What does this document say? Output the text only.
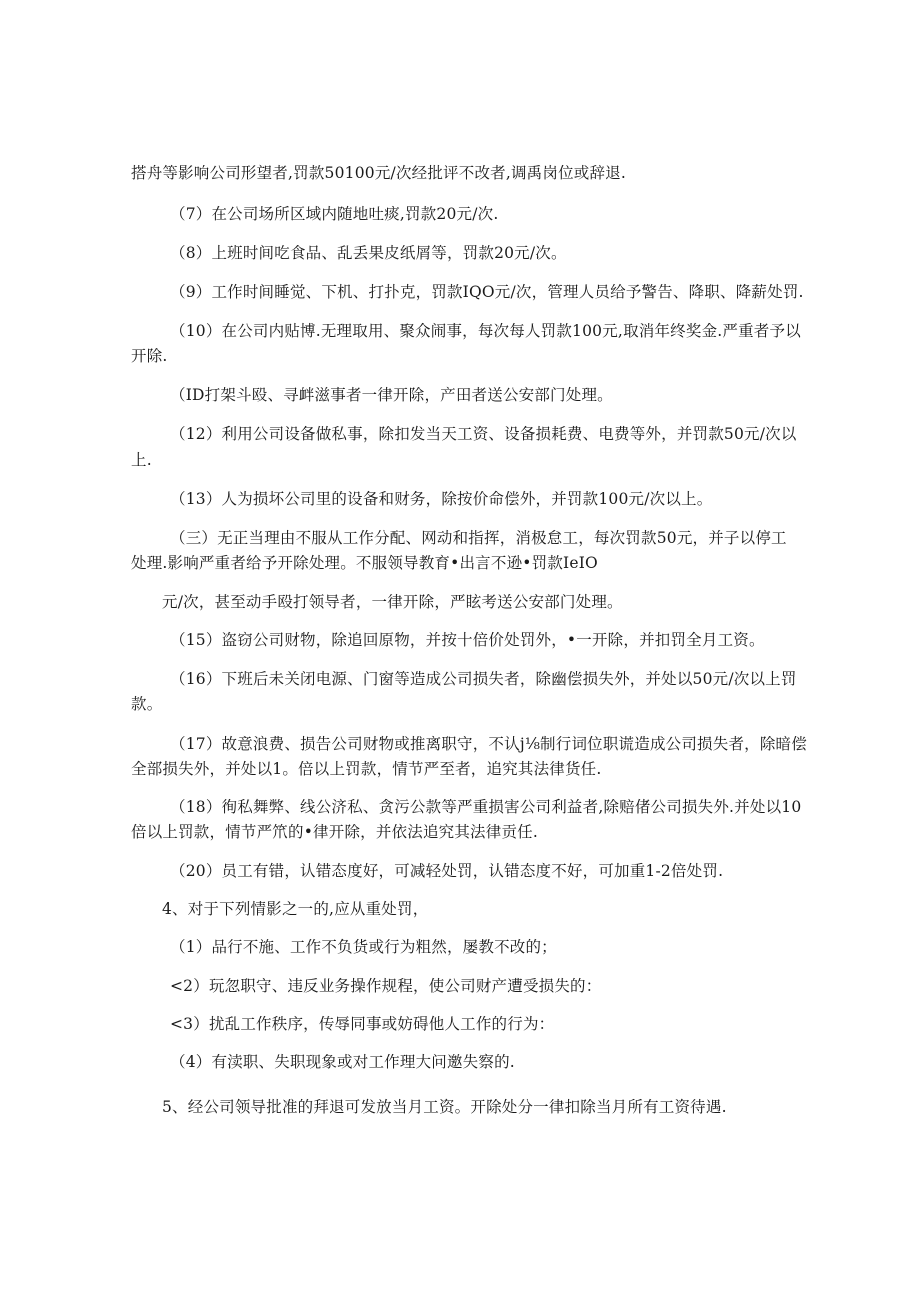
搭舟等影响公司形望者,罚款50100元/次经批评不改者,调禹岗位或辞退.
（7）在公司场所区域内随地吐痰,罚款20元/次.
（8）上班时间吃食品、乱丢果皮纸屑等，罚款20元/次。
（9）工作时间睡觉、下机、打扑克，罚款IQO元/次，管理人员给予警告、降职、降薪处罚.
（10）在公司内贴博.无理取用、聚众闹事，每次每人罚款100元,取消年终奖金.严重者予以
开除.
（ID打架斗殴、寻衅滋事者一律开除，产田者送公安部门处理。
（12）利用公司设备做私事，除扣发当天工资、设备损耗费、电费等外，并罚款50元/次以
上.
（13）人为损坏公司里的设备和财务，除按价命偿外，并罚款100元/次以上。
（三）无正当理由不服从工作分配、网动和指挥，消极怠工，每次罚款50元，并子以停工
处理.影响严重者给予开除处理。不服领导教育•出言不逊•罚款IeIO
元/次，甚至动手殴打领导者，一律开除，严眩考送公安部门处理。
（15）盗窃公司财物，除追回原物，并按十倍价处罚外，•一开除，并扣罚全月工资。
（16）下班后未关闭电源、门窗等造成公司损失者，除幽偿损失外，并处以50元/次以上罚
款。
（17）故意浪费、损告公司财物或推离职守，不认j⅛制行词位职谎造成公司损失者，除暗偿
全部损失外，并处以1。倍以上罚款，情节严至者，追究其法律货任.
（18）徇私舞弊、线公济私、贪污公款等严重损害公司利益者,除赔偖公司损失外.并处以10
倍以上罚款，情节严笊的•律开除，并依法追究其法律贡任.
（20）员工有错，认错态度好，可减轻处罚，认错态度不好，可加重1-2倍处罚.
4、对于下列情影之一的,应从重处罚，
（1）品行不施、工作不负货或行为粗然，屡教不改的；
<2）玩忽职守、违反业务操作规程，使公司财产遭受损失的：
<3）扰乱工作秩序，传辱同事或妨碍他人工作的行为：
（4）有渎职、失职现象或对工作理大问邀失察的.
5、经公司领导批准的拜退可发放当月工资。开除处分一律扣除当月所有工资待遇.
